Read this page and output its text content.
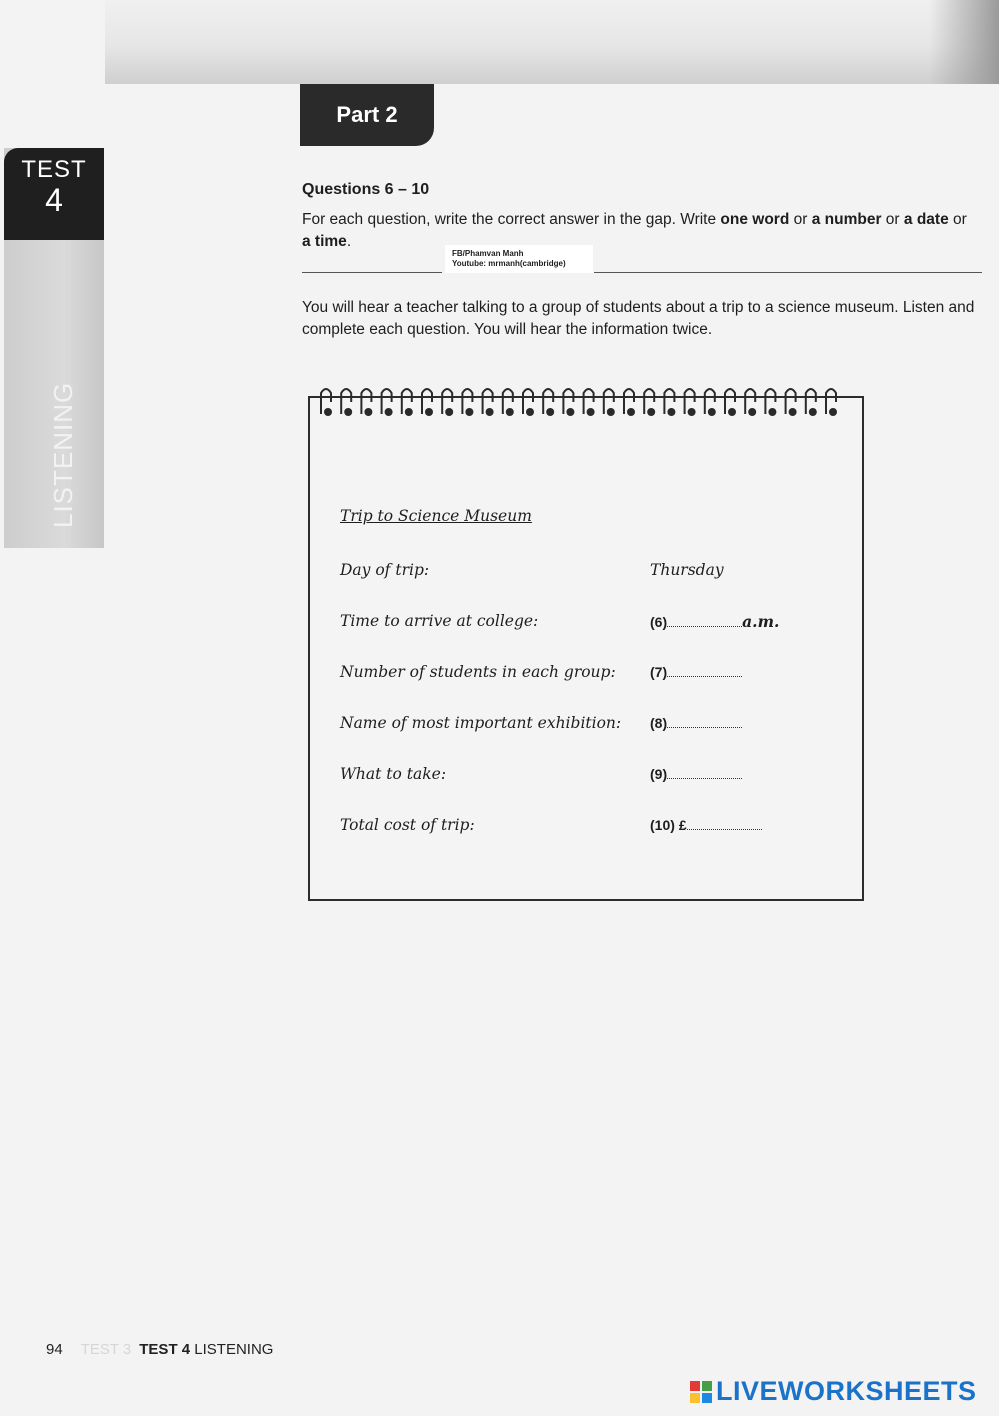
Part 2
TEST
4
LISTENING
Questions 6 – 10
For each question, write the correct answer in the gap. Write one word or a number or a date or a time.
FB/Phamvan Manh
Youtube: mrmanh(cambridge)
You will hear a teacher talking to a group of students about a trip to a science museum. Listen and complete each question. You will hear the information twice.
Trip to Science Museum
Day of trip:	Thursday
Time to arrive at college:	(6)	a.m.
Number of students in each group: (7)
Name of most important exhibition: (8)
What to take:	(9)
Total cost of trip:	(10) £
94 TEST 3 TEST 4 LISTENING
LIVEWORKSHEETS
